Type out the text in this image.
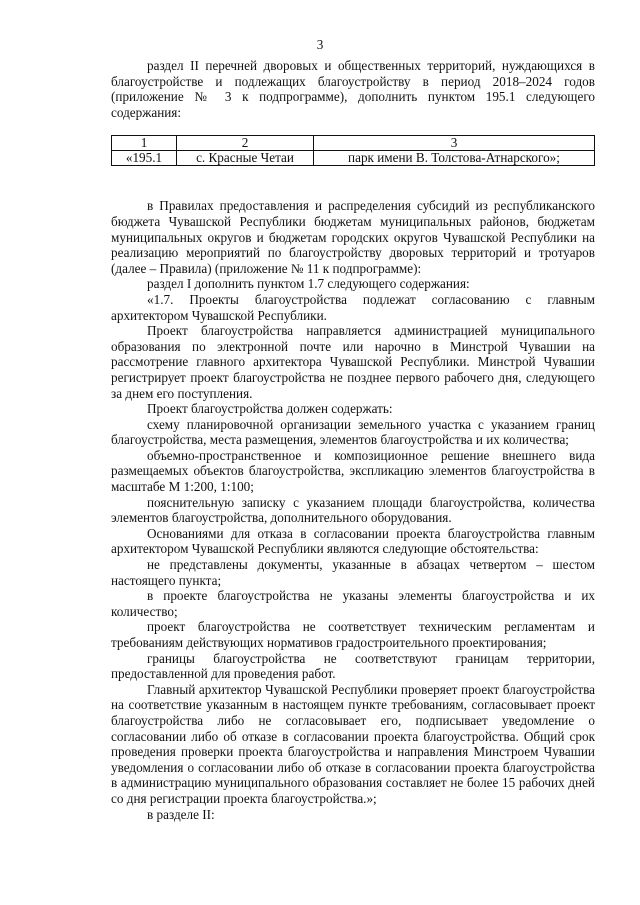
3

раздел II перечней дворовых и общественных территорий, нуждающихся в благоустройстве и подлежащих благоустройству в период 2018–2024 годов (приложение № 3 к подпрограмме), дополнить пунктом 195.1 следующего содержания:

1	2	3
«195.1	с. Красные Четаи	парк имени В. Толстова-Атнарского»;

в Правилах предоставления и распределения субсидий из республиканского бюджета Чувашской Республики бюджетам муниципальных районов, бюджетам муниципальных округов и бюджетам городских округов Чувашской Республики на реализацию мероприятий по благоустройству дворовых территорий и тротуаров (далее – Правила) (приложение № 11 к подпрограмме):

раздел I дополнить пунктом 1.7 следующего содержания:

«1.7. Проекты благоустройства подлежат согласованию с главным архитектором Чувашской Республики.

Проект благоустройства направляется администрацией муниципального образования по электронной почте или нарочно в Минстрой Чувашии на рассмотрение главного архитектора Чувашской Республики. Минстрой Чувашии регистрирует проект благоустройства не позднее первого рабочего дня, следующего за днем его поступления.

Проект благоустройства должен содержать:

схему планировочной организации земельного участка с указанием границ благоустройства, места размещения, элементов благоустройства и их количества;

объемно-пространственное и композиционное решение внешнего вида размещаемых объектов благоустройства, экспликацию элементов благоустройства в масштабе М 1:200, 1:100;

пояснительную записку с указанием площади благоустройства, количества элементов благоустройства, дополнительного оборудования.

Основаниями для отказа в согласовании проекта благоустройства главным архитектором Чувашской Республики являются следующие обстоятельства:

не представлены документы, указанные в абзацах четвертом – шестом настоящего пункта;

в проекте благоустройства не указаны элементы благоустройства и их количество;

проект благоустройства не соответствует техническим регламентам и требованиям действующих нормативов градостроительного проектирования;

границы благоустройства не соответствуют границам территории, предоставленной для проведения работ.

Главный архитектор Чувашской Республики проверяет проект благоустройства на соответствие указанным в настоящем пункте требованиям, согласовывает проект благоустройства либо не согласовывает его, подписывает уведомление о согласовании либо об отказе в согласовании проекта благоустройства. Общий срок проведения проверки проекта благоустройства и направления Минстроем Чувашии уведомления о согласовании либо об отказе в согласовании проекта благоустройства в администрацию муниципального образования составляет не более 15 рабочих дней со дня регистрации проекта благоустройства.»;

в разделе II:
